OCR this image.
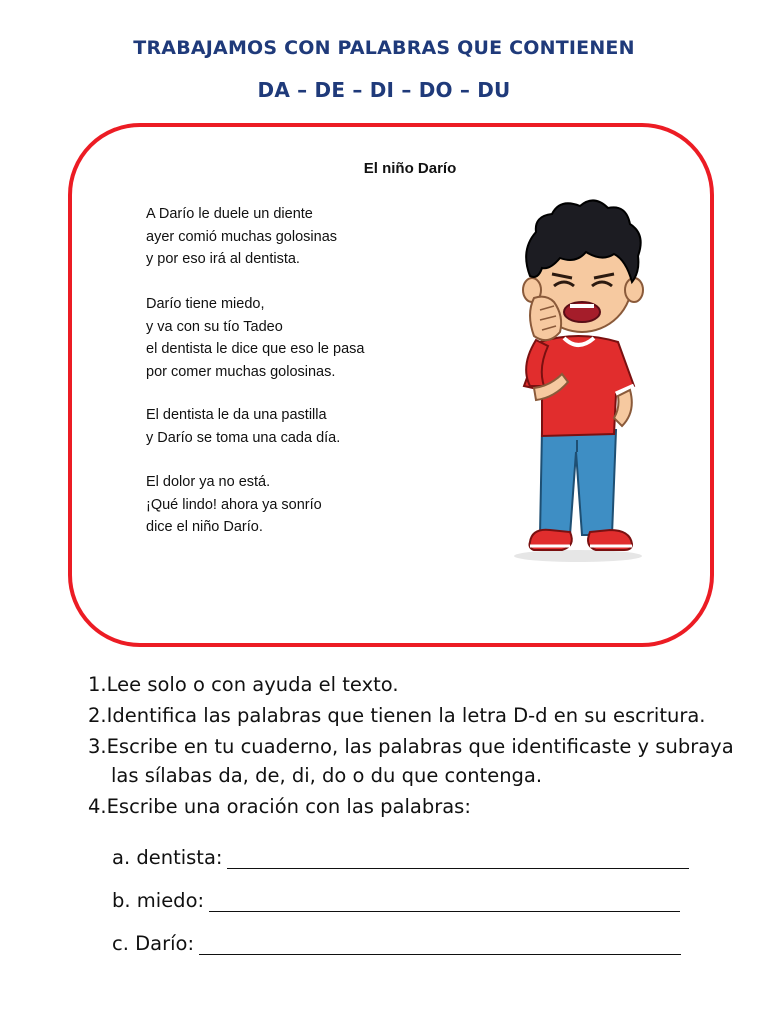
TRABAJAMOS CON PALABRAS QUE CONTIENEN
DA – DE – DI – DO – DU
El niño Darío
A Darío le duele un diente
ayer comió muchas golosinas
y por eso irá al dentista.
Darío tiene miedo,
y va con su tío Tadeo
el dentista le dice que eso le pasa
por comer muchas golosinas.
El dentista le da una pastilla
y Darío se toma una cada día.
El dolor ya no está.
¡Qué lindo! ahora ya sonrío
dice el niño Darío.
1.Lee solo o con ayuda el texto.
2.Identifica las palabras que tienen la letra D-d en su escritura.
3.Escribe en tu cuaderno, las palabras que identificaste y subraya
las sílabas da, de, di, do o du que contenga.
4.Escribe una oración con las palabras:
a. dentista:
b. miedo:
c. Darío:
